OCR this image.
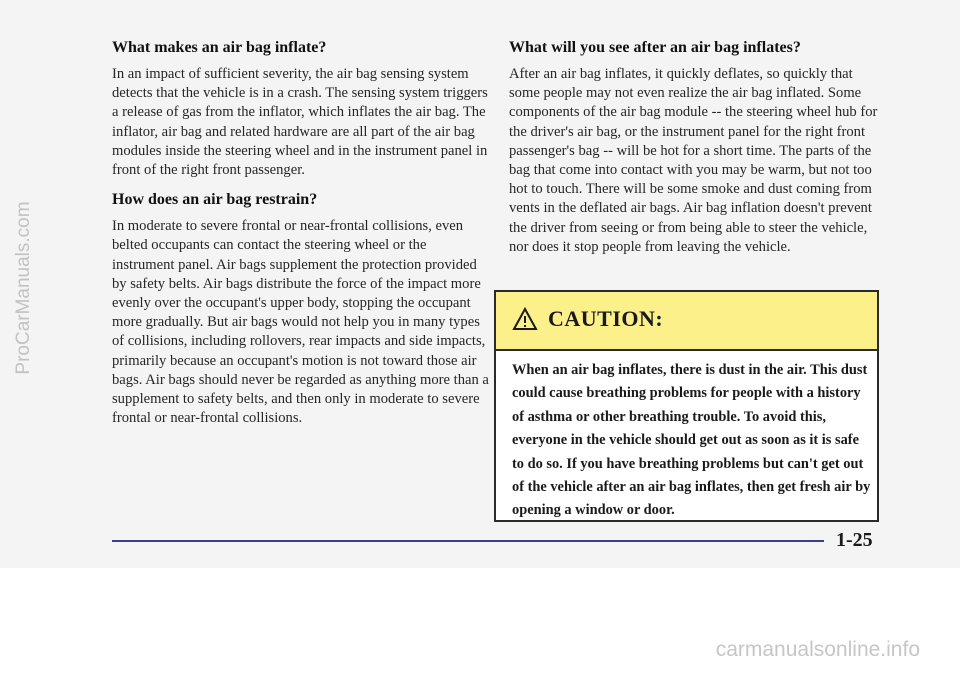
ProCarManuals.com
What makes an air bag inflate?

In an impact of sufficient severity, the air bag sensing system detects that the vehicle is in a crash. The sensing system triggers a release of gas from the inflator, which inflates the air bag. The inflator, air bag and related hardware are all part of the air bag modules inside the steering wheel and in the instrument panel in front of the right front passenger.

How does an air bag restrain?

In moderate to severe frontal or near-frontal collisions, even belted occupants can contact the steering wheel or the instrument panel. Air bags supplement the protection provided by safety belts. Air bags distribute the force of the impact more evenly over the occupant's upper body, stopping the occupant more gradually. But air bags would not help you in many types of collisions, including rollovers, rear impacts and side impacts, primarily because an occupant's motion is not toward those air bags. Air bags should never be regarded as anything more than a supplement to safety belts, and then only in moderate to severe frontal or near-frontal collisions.

What will you see after an air bag inflates?

After an air bag inflates, it quickly deflates, so quickly that some people may not even realize the air bag inflated. Some components of the air bag module -- the steering wheel hub for the driver's air bag, or the instrument panel for the right front passenger's bag -- will be hot for a short time. The parts of the bag that come into contact with you may be warm, but not too hot to touch. There will be some smoke and dust coming from vents in the deflated air bags. Air bag inflation doesn't prevent the driver from seeing or from being able to steer the vehicle, nor does it stop people from leaving the vehicle.

CAUTION:
When an air bag inflates, there is dust in the air. This dust could cause breathing problems for people with a history of asthma or other breathing trouble. To avoid this, everyone in the vehicle should get out as soon as it is safe to do so. If you have breathing problems but can't get out of the vehicle after an air bag inflates, then get fresh air by opening a window or door.
1-25
carmanualsonline.info
